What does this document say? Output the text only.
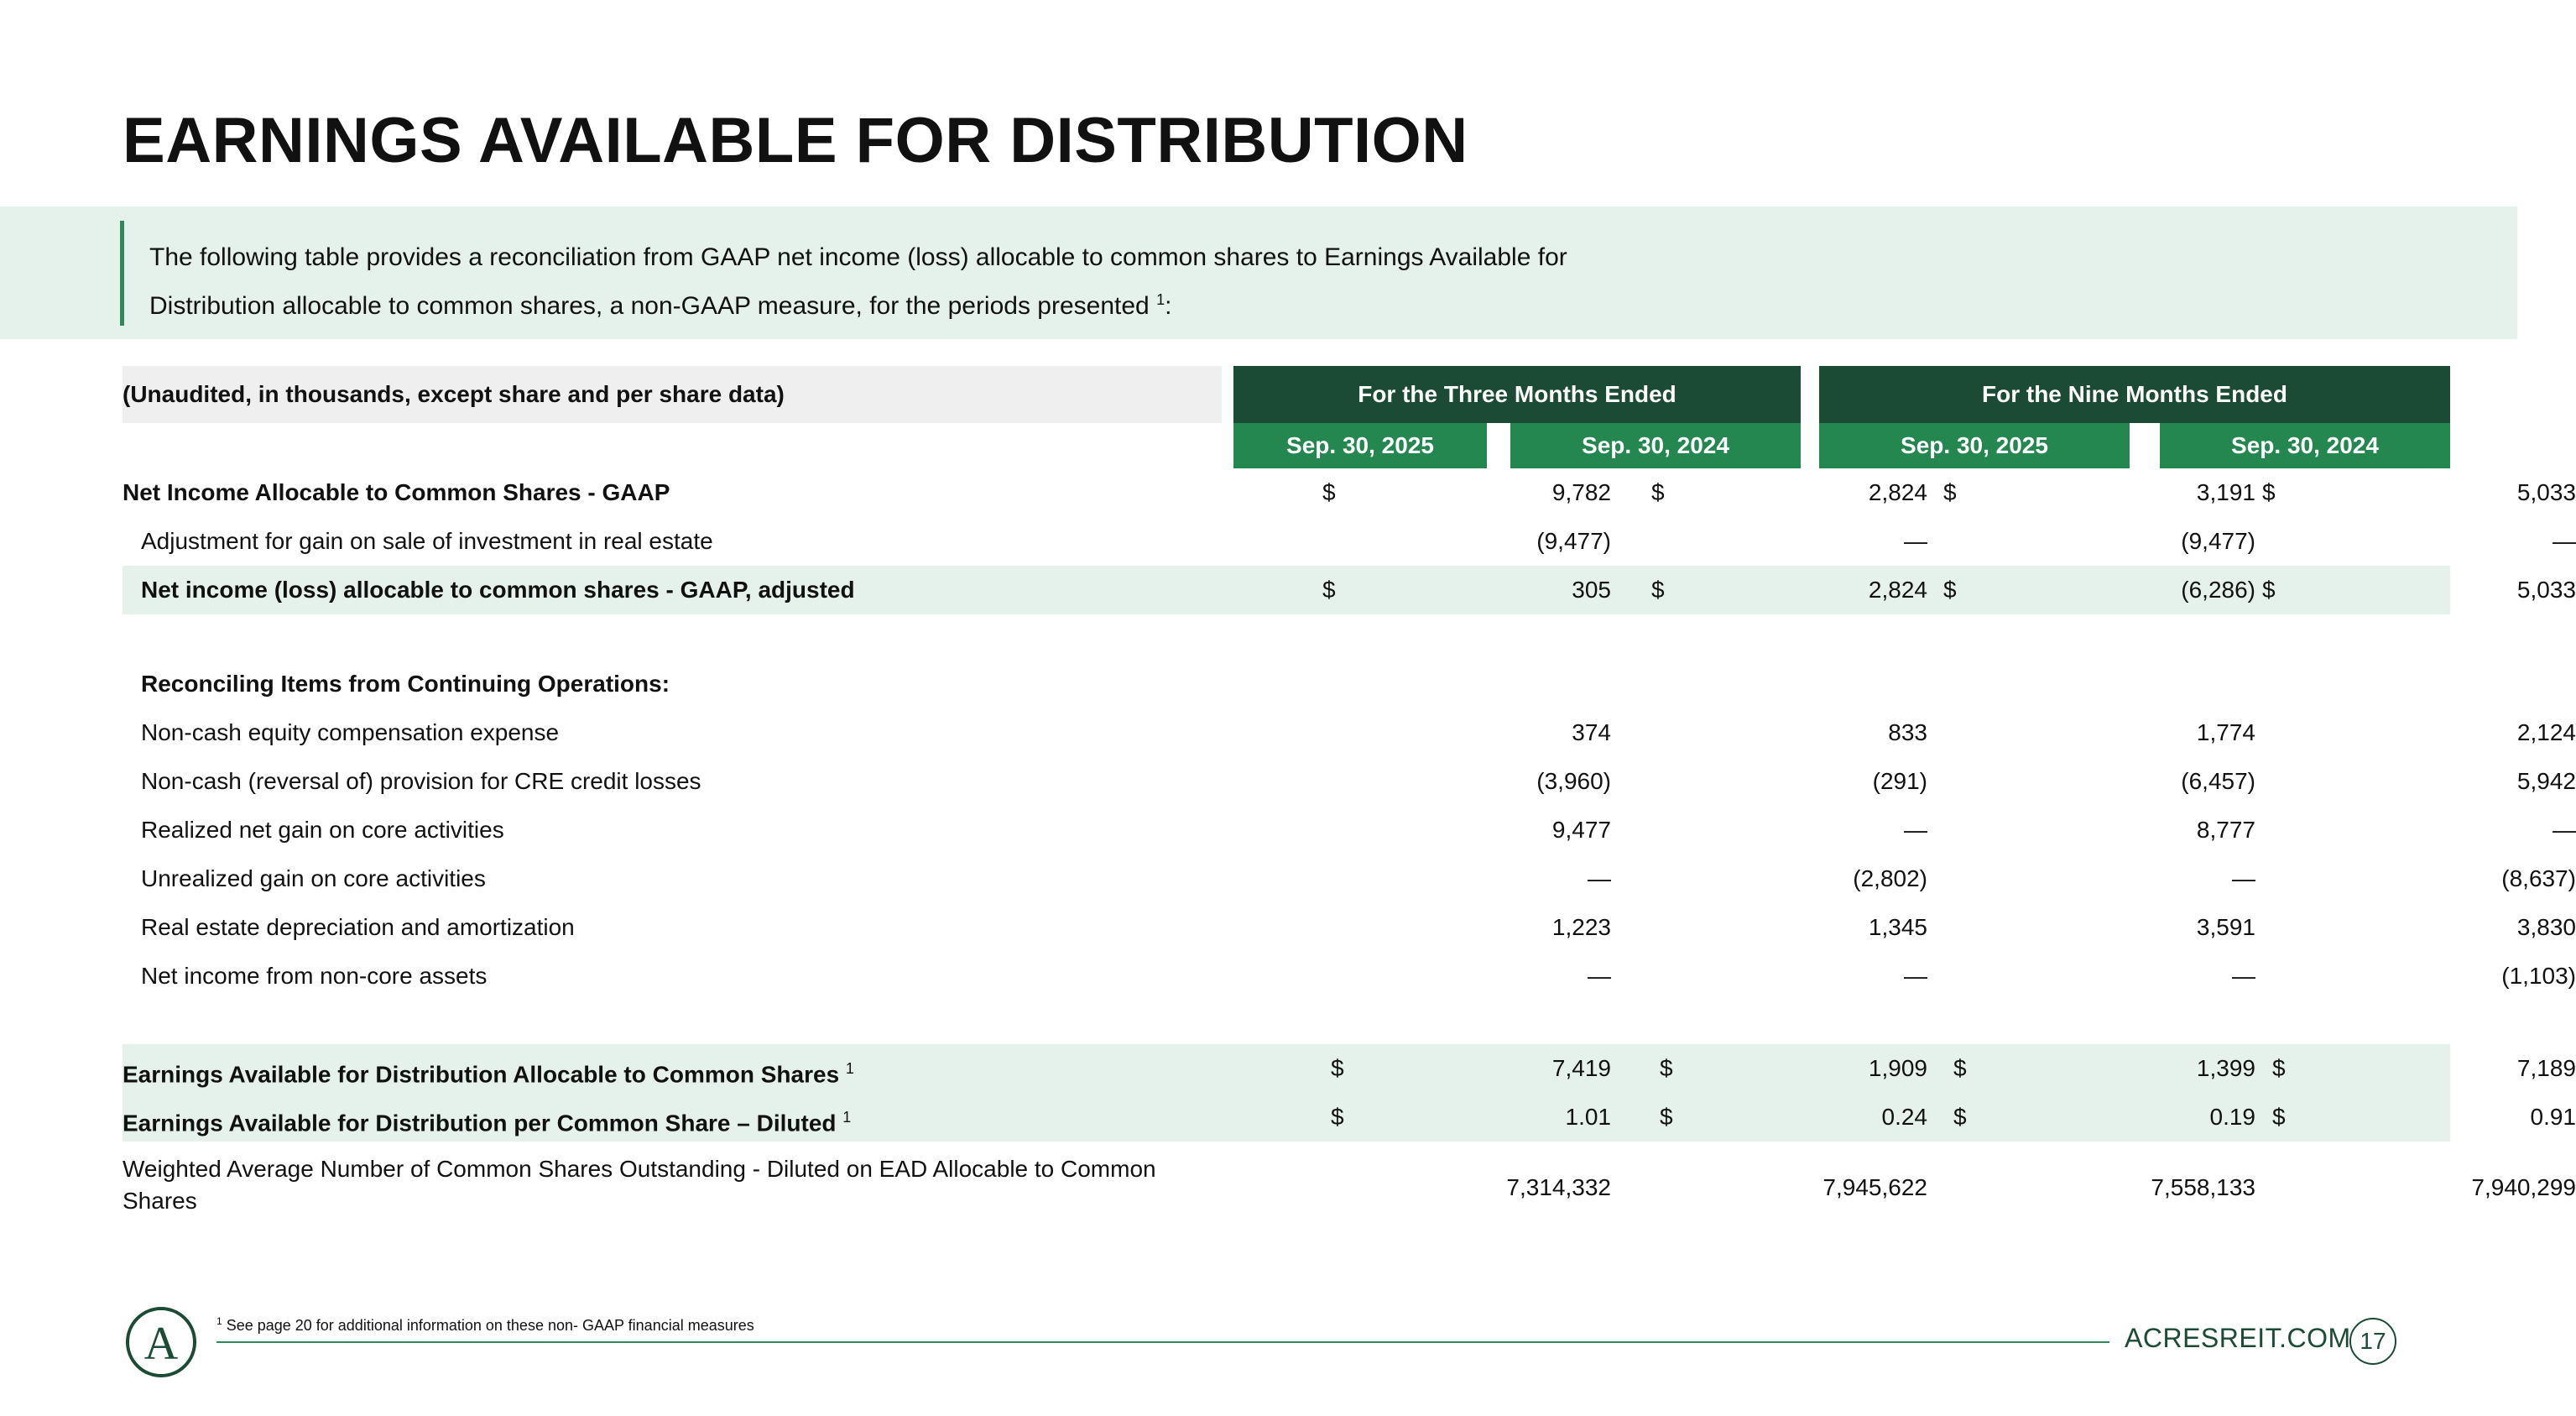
EARNINGS AVAILABLE FOR DISTRIBUTION
The following table provides a reconciliation from GAAP net income (loss) allocable to common shares to Earnings Available for
Distribution allocable to common shares, a non-GAAP measure, for the periods presented $^1$:
(Unaudited, in thousands, except share and per share data)	For the Three Months Ended	For the Nine Months Ended
Sep. 30, 2025	Sep. 30, 2024	Sep. 30, 2025	Sep. 30, 2024
Net Income Allocable to Common Shares - GAAP	$	9,782 $	2,824 $	3,191 $	5,033
Adjustment for gain on sale of investment in real estate	(9,477)	—	(9,477)	—
Net income (loss) allocable to common shares - GAAP, adjusted	$	305 $	2,824 $	(6,286) $	5,033
Reconciling Items from Continuing Operations:
Non-cash equity compensation expense	374	833	1,774	2,124
Non-cash (reversal of) provision for CRE credit losses	(3,960)	(291)	(6,457)	5,942
Realized net gain on core activities	9,477	—	8,777	—
Unrealized gain on core activities	—	(2,802)	—	(8,637)
Real estate depreciation and amortization	1,223	1,345	3,591	3,830
Net income from non-core assets	—	—	—	(1,103)
Earnings Available for Distribution Allocable to Common Shares $^1$	$	7,419 $	1,909 $	1,399 $	7,189
Earnings Available for Distribution per Common Share – Diluted $^1$	$	1.01 $	0.24 $	0.19 $	0.91
Weighted Average Number of Common Shares Outstanding - Diluted on EAD Allocable to Common Shares
7,314,332	7,945,622	7,558,133	7,940,299
A	$^1$ See page 20 for additional information on these non- GAAP financial measures	ACRESREIT.COM 17
